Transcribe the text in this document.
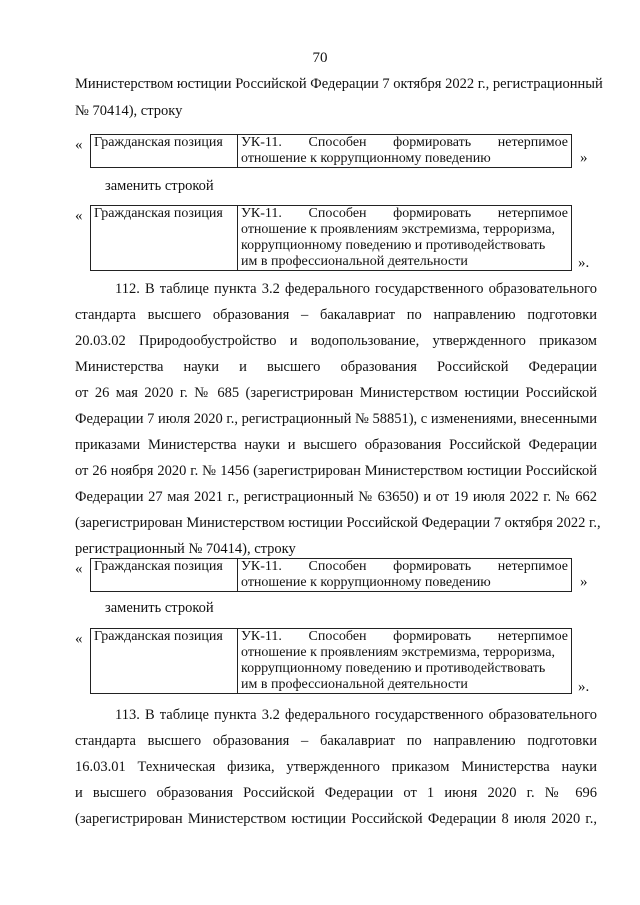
70
Министерством юстиции Российской Федерации 7 октября 2022 г., регистрационный
№ 70414), строку
« Гражданская позиция	УК-11. Способен формировать нетерпимое
отношение к коррупционному поведению	»
заменить строкой
« Гражданская позиция	УК-11. Способен формировать нетерпимое
отношение к проявлениям экстремизма, терроризма,
коррупционному поведению и противодействовать
им в профессиональной деятельности	».
112. В таблице пункта 3.2 федерального государственного образовательного
стандарта высшего образования – бакалавриат по направлению подготовки
20.03.02 Природообустройство и водопользование, утвержденного приказом
Министерства науки и высшего образования Российской Федерации
от 26 мая 2020 г. № 685 (зарегистрирован Министерством юстиции Российской
Федерации 7 июля 2020 г., регистрационный № 58851), с изменениями, внесенными
приказами Министерства науки и высшего образования Российской Федерации
от 26 ноября 2020 г. № 1456 (зарегистрирован Министерством юстиции Российской
Федерации 27 мая 2021 г., регистрационный № 63650) и от 19 июля 2022 г. № 662
(зарегистрирован Министерством юстиции Российской Федерации 7 октября 2022 г.,
регистрационный № 70414), строку
« Гражданская позиция	УК-11. Способен формировать нетерпимое
отношение к коррупционному поведению	»
заменить строкой
« Гражданская позиция	УК-11. Способен формировать нетерпимое
отношение к проявлениям экстремизма, терроризма,
коррупционному поведению и противодействовать
им в профессиональной деятельности	».
113. В таблице пункта 3.2 федерального государственного образовательного
стандарта высшего образования – бакалавриат по направлению подготовки
16.03.01 Техническая физика, утвержденного приказом Министерства науки
и высшего образования Российской Федерации от 1 июня 2020 г. № 696
(зарегистрирован Министерством юстиции Российской Федерации 8 июля 2020 г.,
